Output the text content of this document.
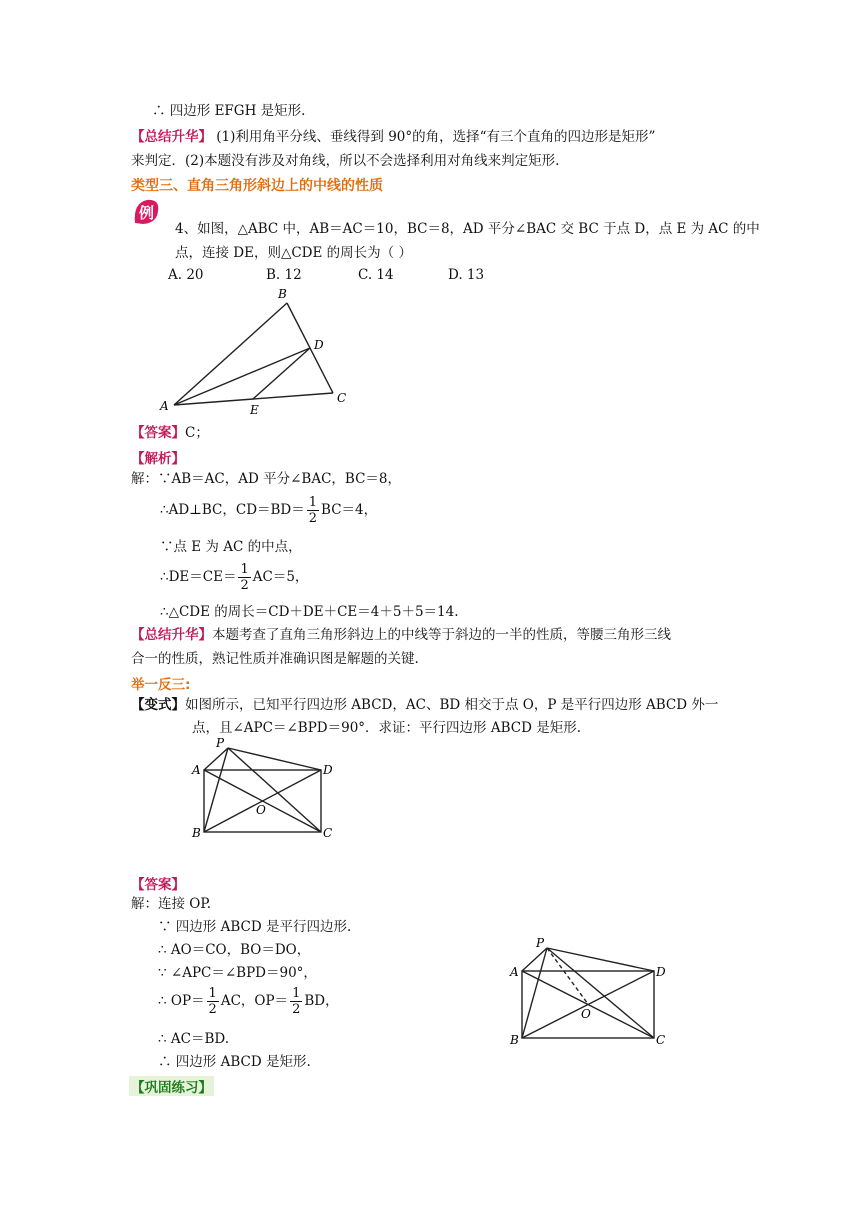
∴ 四边形 EFGH 是矩形.
【总结升华】 (1)利用角平分线、垂线得到 90°的角，选择“有三个直角的四边形是矩形”
来判定．(2)本题没有涉及对角线，所以不会选择利用对角线来判定矩形.
类型三、直角三角形斜边上的中线的性质
例
4、如图，△ABC 中，AB＝AC＝10，BC＝8，AD 平分∠BAC 交 BC 于点 D，点 E 为 AC 的中
点，连接 DE，则△CDE 的周长为（ ）
A. 20	B. 12	C. 14	D. 13
A
B
C
D
E
【答案】C；
【解析】
解：∵AB＝AC，AD 平分∠BAC，BC＝8，
∴AD⊥BC，$CD=BD= \frac{1}{2} BC=4$，
∵点 E 为 AC 的中点，
∴DE＝CE＝ $\frac{1}{2} AC=5$，
∴△CDE 的周长＝CD＋DE＋CE＝4＋5＋5＝14.
【总结升华】本题考查了直角三角形斜边上的中线等于斜边的一半的性质，等腰三角形三线
合一的性质，熟记性质并准确识图是解题的关键.
举一反三:
【变式】如图所示，已知平行四边形 ABCD，AC、BD 相交于点 O，P 是平行四边形 ABCD 外一
点，且∠APC＝∠BPD＝90°．求证：平行四边形 ABCD 是矩形.
P
A
B	C
D
O
【答案】
解：连接 OP.
∵ 四边形 ABCD 是平行四边形.
∴ AO＝CO，BO＝DO，
∵ ∠APC＝∠BPD＝90°，
∴ $OP= \frac{1}{2}$ AC，$OP= \frac{1}{2}$ BD，
∴ AC＝BD.
∴ 四边形 ABCD 是矩形.
P
A
B	C
D
O
【巩固练习】
